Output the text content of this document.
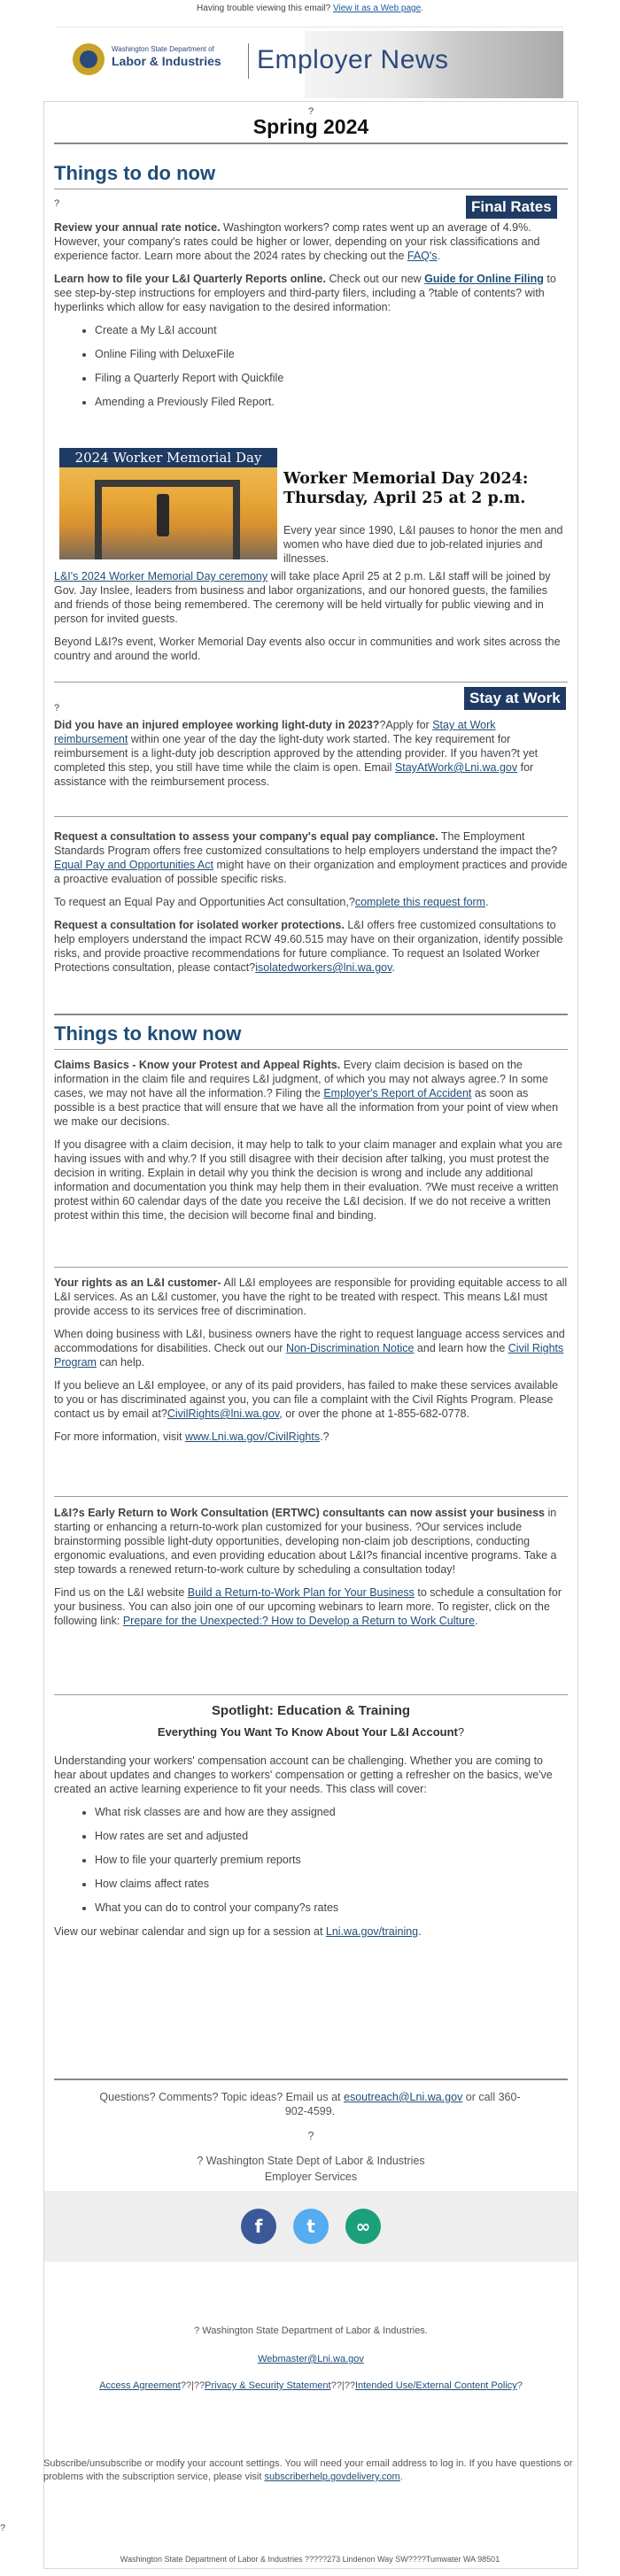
Having trouble viewing this email? View it as a Web page.
Washington State Department of
Labor & Industries	Employer News
?
Spring 2024
Things to do now
?	Final Rates

Review your annual rate notice. Washington workers? comp rates went up an average of 4.9%. However, your company's rates could be higher or lower, depending on your risk classifications and experience factor. Learn more about the 2024 rates by checking out the FAQ's.

Learn how to file your L&I Quarterly Reports online. Check out our new Guide for Online Filing to see step-by-step instructions for employers and third-party filers, including a ?table of contents? with hyperlinks which allow for easy navigation to the desired information:

• Create a My L&I account
• Online Filing with DeluxeFile
• Filing a Quarterly Report with Quickfile
• Amending a Previously Filed Report.
2024 Worker Memorial Day
Worker Memorial Day 2024: Thursday, April 25 at 2 p.m.
Every year since 1990, L&I pauses to honor the men and women who have died due to job-related injuries and illnesses.

L&I's 2024 Worker Memorial Day ceremony will take place April 25 at 2 p.m. L&I staff will be joined by Gov. Jay Inslee, leaders from business and labor organizations, and our honored guests, the families and friends of those being remembered. The ceremony will be held virtually for public viewing and in person for invited guests.

Beyond L&I?s event, Worker Memorial Day events also occur in communities and work sites across the country and around the world.

Stay at Work
?

Did you have an injured employee working light-duty in 2023??Apply for Stay at Work reimbursement within one year of the day the light-duty work started. The key requirement for reimbursement is a light-duty job description approved by the attending provider. If you haven?t yet completed this step, you still have time while the claim is open. Email StayAtWork@Lni.wa.gov for assistance with the reimbursement process.

Request a consultation to assess your company's equal pay compliance. The Employment Standards Program offers free customized consultations to help employers understand the impact the?Equal Pay and Opportunities Act might have on their organization and employment practices and provide a proactive evaluation of possible specific risks.

To request an Equal Pay and Opportunities Act consultation,?complete this request form.

Request a consultation for isolated worker protections. L&I offers free customized consultations to help employers understand the impact RCW 49.60.515 may have on their organization, identify possible risks, and provide proactive recommendations for future compliance. To request an Isolated Worker Protections consultation, please contact?isolatedworkers@lni.wa.gov.

Things to know now

Claims Basics - Know your Protest and Appeal Rights. Every claim decision is based on the information in the claim file and requires L&I judgment, of which you may not always agree.? In some cases, we may not have all the information.? Filing the Employer's Report of Accident as soon as possible is a best practice that will ensure that we have all the information from your point of view when we make our decisions.

If you disagree with a claim decision, it may help to talk to your claim manager and explain what you are having issues with and why.? If you still disagree with their decision after talking, you must protest the decision in writing. Explain in detail why you think the decision is wrong and include any additional information and documentation you think may help them in their evaluation. ?We must receive a written protest within 60 calendar days of the date you receive the L&I decision. If we do not receive a written protest within this time, the decision will become final and binding.

Your rights as an L&I customer- All L&I employees are responsible for providing equitable access to all L&I services. As an L&I customer, you have the right to be treated with respect. This means L&I must provide access to its services free of discrimination.

When doing business with L&I, business owners have the right to request language access services and accommodations for disabilities. Check out our Non-Discrimination Notice and learn how the Civil Rights Program can help.

If you believe an L&I employee, or any of its paid providers, has failed to make these services available to you or has discriminated against you, you can file a complaint with the Civil Rights Program. Please contact us by email at?CivilRights@lni.wa.gov, or over the phone at 1-855-682-0778.

For more information, visit www.Lni.wa.gov/CivilRights.?

L&I?s Early Return to Work Consultation (ERTWC) consultants can now assist your business in starting or enhancing a return-to-work plan customized for your business. ?Our services include brainstorming possible light-duty opportunities, developing non-claim job descriptions, conducting ergonomic evaluations, and even providing education about L&I?s financial incentive programs. Take a step towards a renewed return-to-work culture by scheduling a consultation today!

Find us on the L&I website Build a Return-to-Work Plan for Your Business to schedule a consultation for your business. You can also join one of our upcoming webinars to learn more. To register, click on the following link: Prepare for the Unexpected:? How to Develop a Return to Work Culture.

Spotlight: Education & Training
Everything You Want To Know About Your L&I Account?

Understanding your workers' compensation account can be challenging. Whether you are coming to hear about updates and changes to workers' compensation or getting a refresher on the basics, we've created an active learning experience to fit your needs. This class will cover:

• What risk classes are and how are they assigned
• How rates are set and adjusted
• How to file your quarterly premium reports
• How claims affect rates
• What you can do to control your company?s rates

View our webinar calendar and sign up for a session at Lni.wa.gov/training.

Questions? Comments? Topic ideas? Email us at esoutreach@Lni.wa.gov or call 360-902-4599.
?
? Washington State Dept of Labor & Industries
Employer Services
f	t	∞
? Washington State Department of Labor & Industries.
Webmaster@Lni.wa.gov
Access Agreement??|??Privacy & Security Statement??|??Intended Use/External Content Policy?
Subscribe/unsubscribe or modify your account settings. You will need your email address to log in. If you have questions or problems with the subscription service, please visit subscriberhelp.govdelivery.com.
?
Washington State Department of Labor & Industries ?????273 Lindenon Way SW????Tumwater WA 98501
